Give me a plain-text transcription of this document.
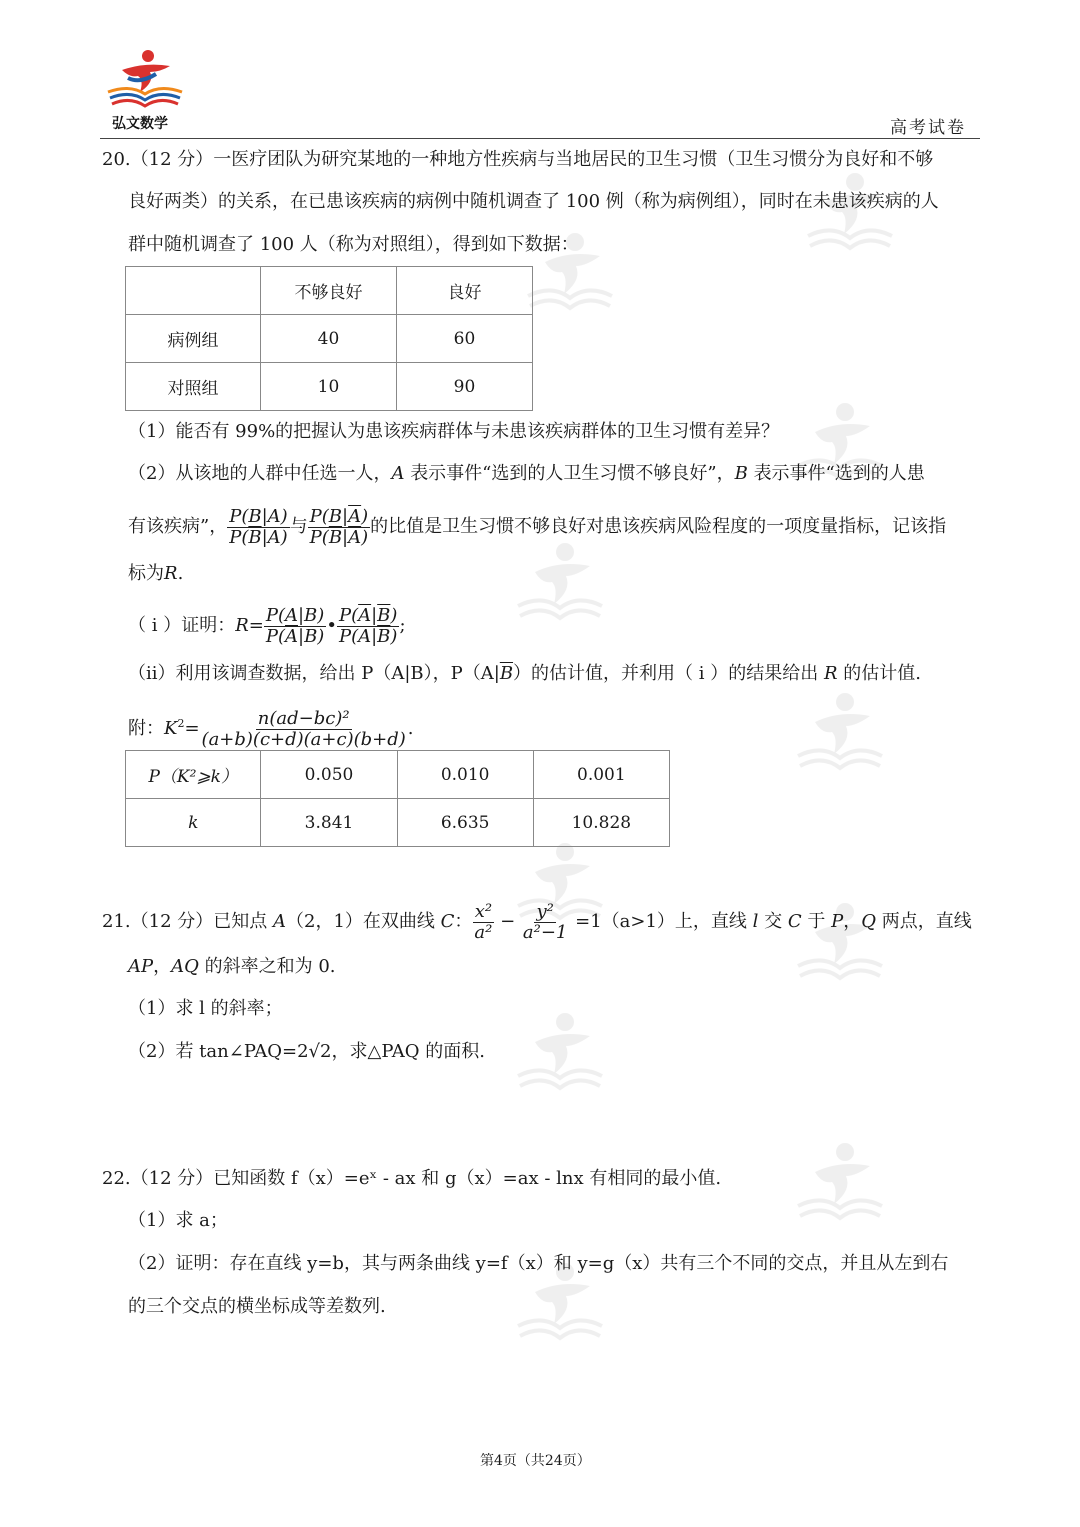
弘文数学	高考试卷
20.（12 分）一医疗团队为研究某地的一种地方性疾病与当地居民的卫生习惯（卫生习惯分为良好和不够
良好两类）的关系，在已患该疾病的病例中随机调查了 100 例（称为病例组），同时在未患该疾病的人
群中随机调查了 100 人（称为对照组），得到如下数据：
	不够良好	良好
病例组	40	60
对照组	10	90
（1）能否有 99%的把握认为患该疾病群体与未患该疾病群体的卫生习惯有差异？
（2）从该地的人群中任选一人，A 表示事件“选到的人卫生习惯不够良好”，B 表示事件“选到的人患
有该疾病”， $\frac{P(B|A)}{P(\overline{B}|A)}$ 与 $\frac{P(B|\overline{A})}{P(\overline{B}|\overline{A})}$ 的比值是卫生习惯不够良好对患该疾病风险程度的一项度量指标，记该指
标为R.
（ i ）证明：$R= \frac{P(A|B)}{P(\overline{A}|B)}$ • $\frac{P(\overline{A}|\overline{B})}{P(A|\overline{B})}$ ;
（ii）利用该调查数据，给出 P（A|B），$P(A|\overline{B})$的估计值，并利用（ i ）的结果给出 R 的估计值.
附：$K^2= \frac{\text{n(ad−bc)²}}{(a+b)(c+d)(a+c)(b+d)}$ .
P（K²⩾k）	0.050	0.010	0.001
k	3.841	6.635	10.828
21.（12 分）已知点 A（2，1）在双曲线 C： $\frac{\text{x²}}{\text{a²}} - \frac{\text{y²}}{\text{a²−1}} =1(a>1)$上，直线 l 交 C 于 P，Q 两点，直线
AP，AQ 的斜率之和为 0.
（1）求 l 的斜率；
（2）若 tan∠PAQ=2√2，求△PAQ 的面积.
22.（12 分）已知函数 f（x）=eˣ - ax 和 g（x）=ax - lnx 有相同的最小值.
（1）求 a；
（2）证明：存在直线 y=b，其与两条曲线 y=f（x）和 y=g（x）共有三个不同的交点，并且从左到右
的三个交点的横坐标成等差数列.
第4页（共24页）
